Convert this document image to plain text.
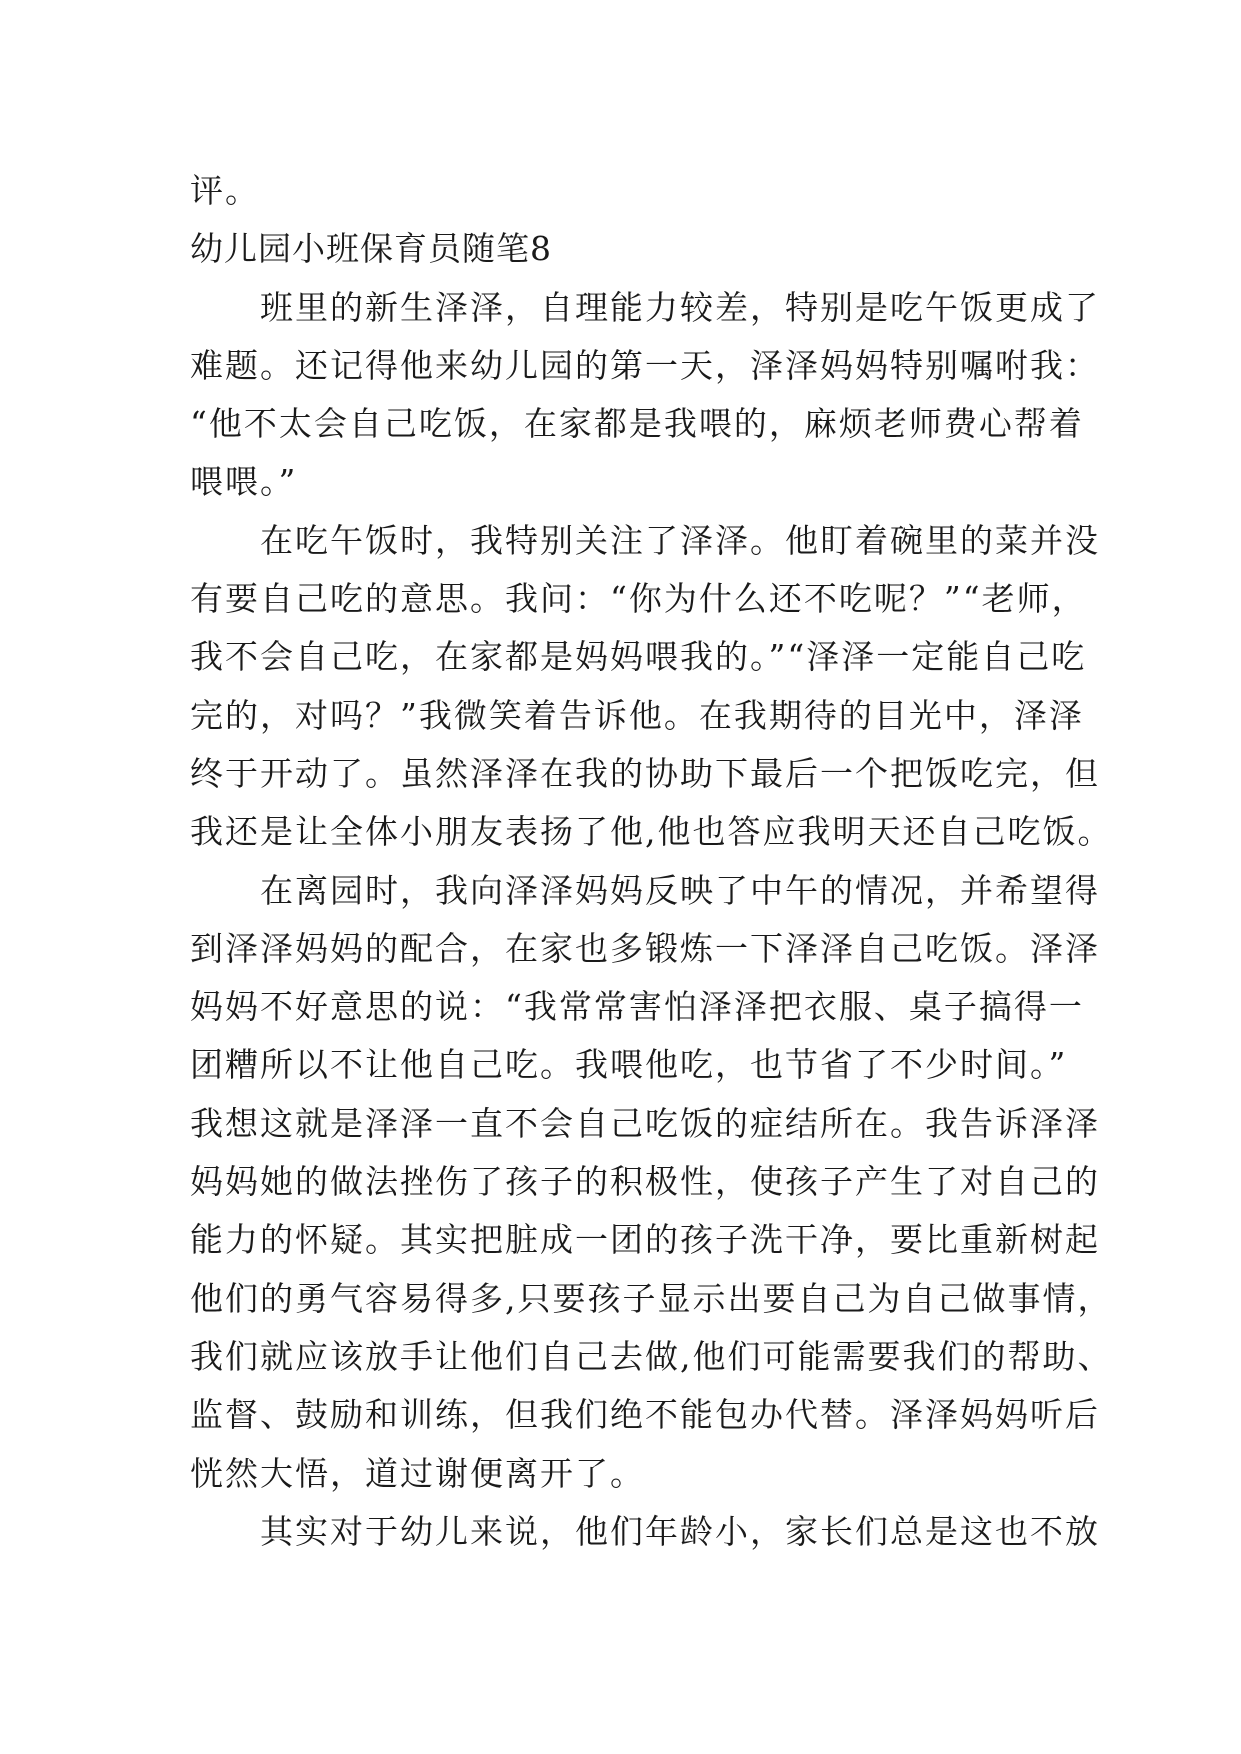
评。

幼儿园小班保育员随笔8

班里的新生泽泽，自理能力较差，特别是吃午饭更成了

难题。还记得他来幼儿园的第一天，泽泽妈妈特别嘱咐我：

“他不太会自己吃饭，在家都是我喂的，麻烦老师费心帮着

喂喂。”

在吃午饭时，我特别关注了泽泽。他盯着碗里的菜并没

有要自己吃的意思。我问：“你为什么还不吃呢？”“老师，

我不会自己吃，在家都是妈妈喂我的。”“泽泽一定能自己吃

完的，对吗？”我微笑着告诉他。在我期待的目光中，泽泽

终于开动了。虽然泽泽在我的协助下最后一个把饭吃完，但

我还是让全体小朋友表扬了他,他也答应我明天还自己吃饭。

在离园时，我向泽泽妈妈反映了中午的情况，并希望得

到泽泽妈妈的配合，在家也多锻炼一下泽泽自己吃饭。泽泽

妈妈不好意思的说：“我常常害怕泽泽把衣服、桌子搞得一

团糟所以不让他自己吃。我喂他吃，也节省了不少时间。”

我想这就是泽泽一直不会自己吃饭的症结所在。我告诉泽泽

妈妈她的做法挫伤了孩子的积极性，使孩子产生了对自己的

能力的怀疑。其实把脏成一团的孩子洗干净，要比重新树起

他们的勇气容易得多,只要孩子显示出要自己为自己做事情，

我们就应该放手让他们自己去做,他们可能需要我们的帮助、

监督、鼓励和训练，但我们绝不能包办代替。泽泽妈妈听后

恍然大悟，道过谢便离开了。

其实对于幼儿来说，他们年龄小，家长们总是这也不放
